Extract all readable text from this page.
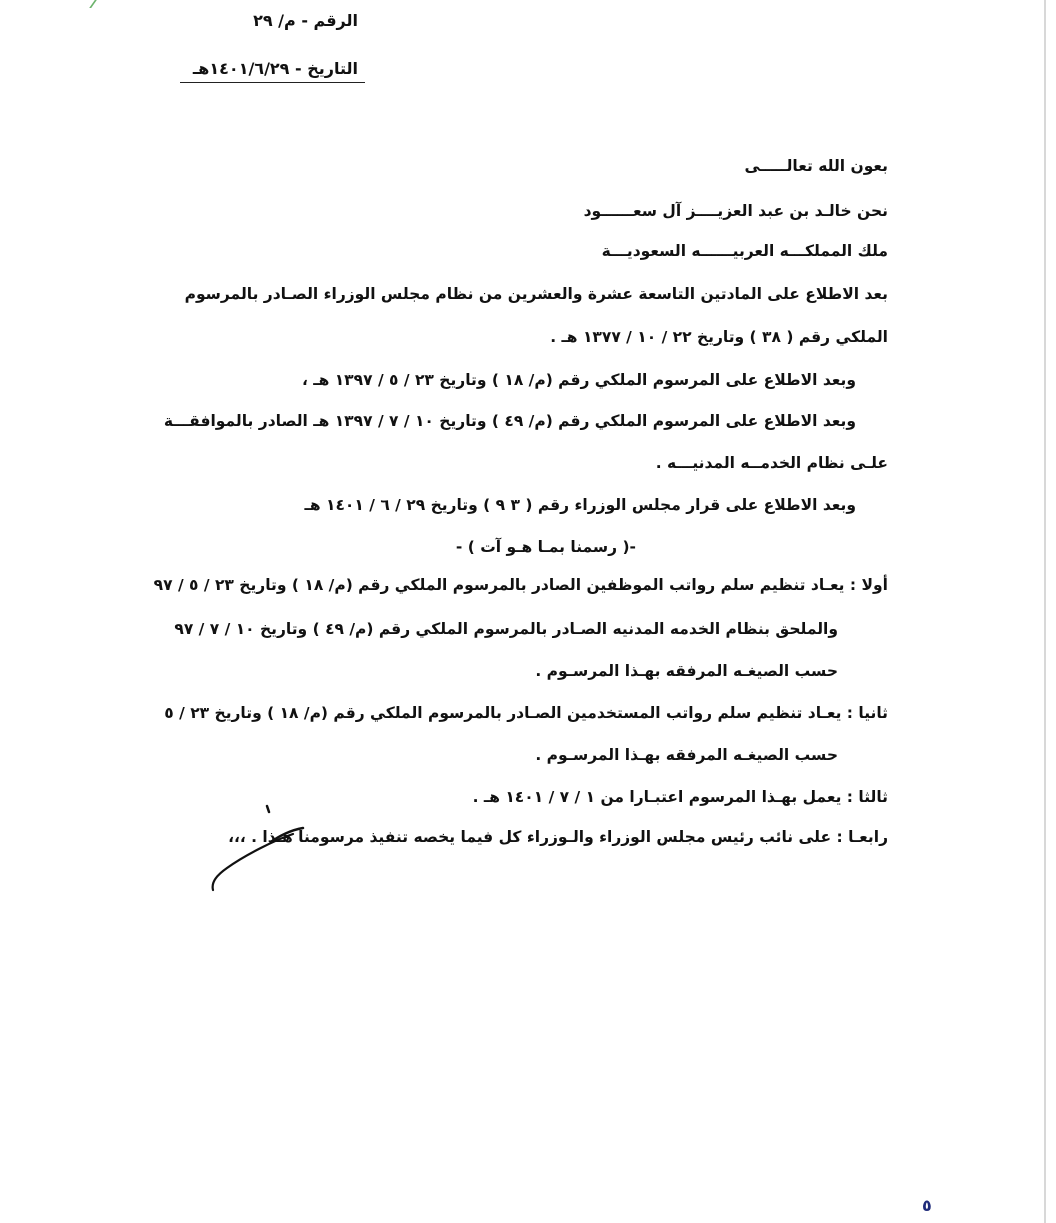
الرقم - م/ ٢٩
التاريخ - ١٤٠١/٦/٢٩هـ
بعون الله تعالـــــى
نحن خالـد بن عبد العزيــــز آل سعــــــود
ملك المملكـــه العربيــــــه السعوديـــة
بعد الاطلاع على المادتين التاسعة عشرة والعشرين من نظام مجلس الوزراء الصـادر بالمرسوم
الملكي رقم ( ٣٨ ) وتاريخ ٢٢ / ١٠ / ١٣٧٧ هـ .
وبعد الاطلاع على المرسوم الملكي رقم (م/ ١٨ ) وتاريخ ٢٣ / ٥ / ١٣٩٧ هـ ،
وبعد الاطلاع على المرسوم الملكي رقم (م/ ٤٩ ) وتاريخ ١٠ / ٧ / ١٣٩٧ هـ الصادر بالموافقـــة
علـى نظام الخدمــه المدنيـــه .
وبعد الاطلاع على قرار مجلس الوزراء رقم ( ٣ ٩ ) وتاريخ ٢٩ / ٦ / ١٤٠١ هـ
-( رسمنا بمـا هـو آت ) -
أولا : يعـاد تنظيم سلم رواتب الموظفين الصادر بالمرسوم الملكي رقم (م/ ١٨ ) وتاريخ ٢٣ / ٥ / ٩٧
والملحق بنظام الخدمه المدنيه الصـادر بالمرسوم الملكي رقم (م/ ٤٩ ) وتاريخ ١٠ / ٧ / ٩٧
حسب الصيغـه المرفقه بهـذا المرسـوم .
ثانيا : يعـاد تنظيم سلم رواتب المستخدمين الصـادر بالمرسوم الملكي رقم (م/ ١٨ ) وتاريخ ٢٣ / ٥
حسب الصيغـه المرفقه بهـذا المرسـوم .
ثالثا : يعمل بهـذا المرسوم اعتبـارا من ١ / ٧ / ١٤٠١ هـ .
رابعـا : على نائب رئيس مجلس الوزراء والـوزراء كل فيما يخصه تنفيذ مرسومنا هـذا . ،،،
٥
